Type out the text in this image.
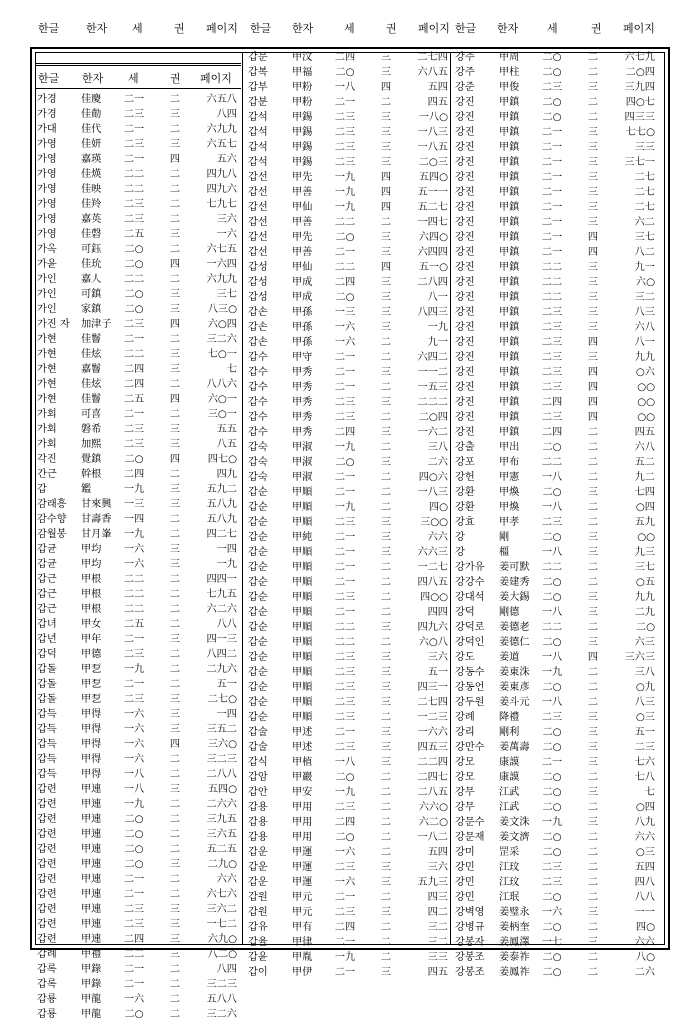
한글 한자 세	권 페이지 한글 한자	세	권 페이지 한글 한자	세	권 페이지
한글 한자 세	권 페이지
가경 佳慶 二一	二	六五八
가경 佳勣 二三	三	八四
가대 佳代 二一	二	六九九
가영 佳妍 二三	三	六五七
가영 嘉瑛 二一	四	五六
가영 佳煐 二二	二	四九八
가영 佳映 二二	二	四九六
가영 佳羚 二三	二	七九七
가영 嘉英 二三	二	三六
가영 佳磬 二五	三	一六
가옥 可鈺	二○	二	六七五
가윤 佳玧	二○	四	一六四
가인 嘉人 二二	二	六九九
가인 可鎮	二○	三	三七
가인 家鎮	二○	三	八三○
가진 자 加津子 二三	四	六○四
가현 佳鬙 二一	二	三二六
가현 佳炫 二二	三	七○一
가현 嘉鬙 二四	三	七
가현 佳炫 二四	二	八八六
가현 佳鬙 二五	四	六○一
가회 可喜 二一	二	三○一
가회 磐希 二三	三	五五
가회 加熙 二三	三	八五
각진 覺鎮	二○	四	四七○
간근 幹根 二四	二	四九
갑	鑑	一九	三	五九二
감래흥 甘來興 一三	三	五八九
감수향 甘壽香 一四	二	五八九
감월봉 甘月峯 一九	二	四二七
갑균 甲均 一六	三	一四
갑균 甲均 一六	三	一九
갑근 甲根 二二	二	四四一
갑근 甲根 二二	二	七九五
갑근 甲根 二二	二	六二六
갑녀 甲女 二五	二	八八
갑년 甲年 二一	三	四一三
갑덕 甲德 二三	二	八四二
갑돌 甲乭 一九	二	二九六
갑돌 甲乭 二一	二	五一
갑돌 甲乭 二三	三	二七○
갑득 甲得 一六	三	一四
갑득 甲得 一六	三	三五二
갑득 甲得 一六	四	三六○
갑득 甲得 一六	二	三二三
갑득 甲得 一八	二	二八八
갑련 甲連 一八	三	五四○
갑련 甲連 一九	二	二六六
갑련 甲連	二○	二	三九五
갑련 甲連	二○	二	三六五
갑련 甲連	二○	二	五二五
갑련 甲連	二○	三	二九○
갑련 甲連 二一	二	六六
갑련 甲連 二一	二	六七六
갑련 甲連 二三	三	三六二
갑련 甲連 二三	三	一七二
갑련 甲連 二四	三	六九○
갑례 甲禮 二二	三	八二○
갑록 甲錄 二一	二	八四
갑록 甲錄 二一	二	三二三
갑룡 甲龍 一六	二	五八八
갑룡 甲龍	二○	二	三二六
갑문 甲汶 二四	三	二七四
갑복 甲福	二○	三	六八五
갑부 甲粉 一八	四	五四
갑분 甲粉 二一	二	四五
갑석 甲錫 二三	三	一八○
갑석 甲錫 二三	三	一八三
갑석 甲錫 二三	三	一八五
갑석 甲錫 二三	三	二○三
갑선 甲先 一九	四	五四○
갑선 甲善 一九	四	五一一
갑선 甲仙 一九	四	五二七
갑선 甲善 二二	二	一四七
갑선 甲先	二○	三	六四○
갑선 甲善 二一	三	六四四
갑성 甲仙 二二	四	五一○
갑성 甲成 二四	三	二八四
갑성 甲成	二○	三	八一
갑손 甲孫 一三	三	八四三
갑손 甲孫 一六	三	一九
갑손 甲孫 一六	二	九一
갑수 甲守 二一	二	六四二
갑수 甲秀 二一	三	一一二
갑수 甲秀 二一	二	一五三
갑수 甲秀 二三	三	二二二
갑수 甲秀 二三	二	二○四
갑수 甲秀 二四	三	一六二
갑숙 甲淑 一九	二	三八
갑숙 甲淑	二○	三	二六
갑숙 甲淑 二一	二	四○六
갑순 甲順 二一	二	一八三
갑순 甲順 一九	二	四○
갑순 甲順 二三	三	三○○
갑순 甲純 二一	三	六六
갑순 甲順 二一	三	六六三
갑순 甲順 二一	二	一二七
갑순 甲順 二一	二	四八五
갑순 甲順 二三	二	四○○
갑순 甲順 二一	二	四四
갑순 甲順 二二	三	四九六
갑순 甲順 二二	二	六○八
갑순 甲順 二三	三	三六
갑순 甲順 二三	三	五一
갑순 甲順 二三	三	四三一
갑순 甲順 二三	三	二七四
갑순 甲順 二三	二	一二三
갑술 甲述 二一	三	一六六
갑술 甲述 二三	三	四五三
갑식 甲植 一八	三	二二四
갑암 甲巖	二○	二	二四七
갑안 甲安 一九	二	二八五
갑용 甲用 二三	二	六六○
갑용 甲用 二四	二	六二○
갑용 甲用	二○	二	一八二
갑운 甲運 一六	二	五四
갑운 甲運 二三	三	三六
갑운 甲運 一六	三	五九三
갑원 甲元 二一	二	四三
갑원 甲元 二三	三	四二
갑유 甲有 二四	二	三二
갑율 甲律 二一	二	三二
갑윤 甲胤 一九	二	三三
갑이 甲伊 二一	三	四五
강주 甲周	二○	二	六七九
강주 甲柱	二○	二	二○四
강준 甲俊 二三	三	三九四
강진 甲鎮	二○	二	四○七
강진 甲鎮	二○	二	四三三
강진 甲鎮 二一	三	七七○
강진 甲鎮 二一	三	三三
강진 甲鎮 二一	三	三七一
강진 甲鎮 二一	三	二七
강진 甲鎮 二一	三	二七
강진 甲鎮 二一	三	二七
강진 甲鎮 二一	三	六二
강진 甲鎮 二一	四	三七
강진 甲鎮 二一	四	八二
강진 甲鎮 二二	三	九一
강진 甲鎮 二二	三	六○
강진 甲鎮 二二	三	三二
강진 甲鎮 二三	三	八三
강진 甲鎮 二三	三	六八
강진 甲鎮 二三	四	八一
강진 甲鎮 二三	三	九九
강진 甲鎮 二三	四	○六
강진 甲鎮 二三	四	○○
강진 甲鎮 二四	四	○○
강진 甲鎮 二三	四	○○
강진 甲鎮 二四	二	四五
강출 甲出	二○	二	六八
강포 甲布 二二	二	五二
강헌 甲憲 一八	二	九二
강환 甲煥	二○	三	七四
강환 甲煥 一八	二	○四
강효 甲孝 二三	二	五九
강	剛	二○	三	○○
강	橿	一八	三	九三
강가유 姜可默 二二	二	三七
강강수 姜建秀	二○	二	○五
강대석 姜大錫	二○	三	九九
강덕 剛德 一八	三	二九
강덕로 姜德老 二二	二	二○
강덕인 姜德仁	二○	三	六三
강도 姜道 一八	四	三六三
강동수 姜東洙 一九	二	三八
강동언 姜東彥	二○	二	○九
강두원 姜斗元 一八	二	八三
강례 降禮 二三	三	○三
강리 剛利	二○	三	五一
강만수 姜萬壽	二○	三	二三
강모 康謨 二一	三	七六
강모 康謨	二○	二	七八
강무 江武	二○	三	七
강무 江武	二○	二	○四
강문수 姜文洙 一九	三	八九
강문재 姜文濟	二○	二	六六
강미 罡采	二○	二	○三
강민 江玟 二三	二	五四
강민 江玟 二三	二	四八
강민 江珉	二○	二	八八
강벽영 姜璧永 一六	三	一一
강병규 姜柄奎	二○	二	四○
강봉자 姜鳳澤 一七	三	六六
강봉조 姜泰祚	二○	二	八○
강봉조 姜鳳祚	二○	二	二六
